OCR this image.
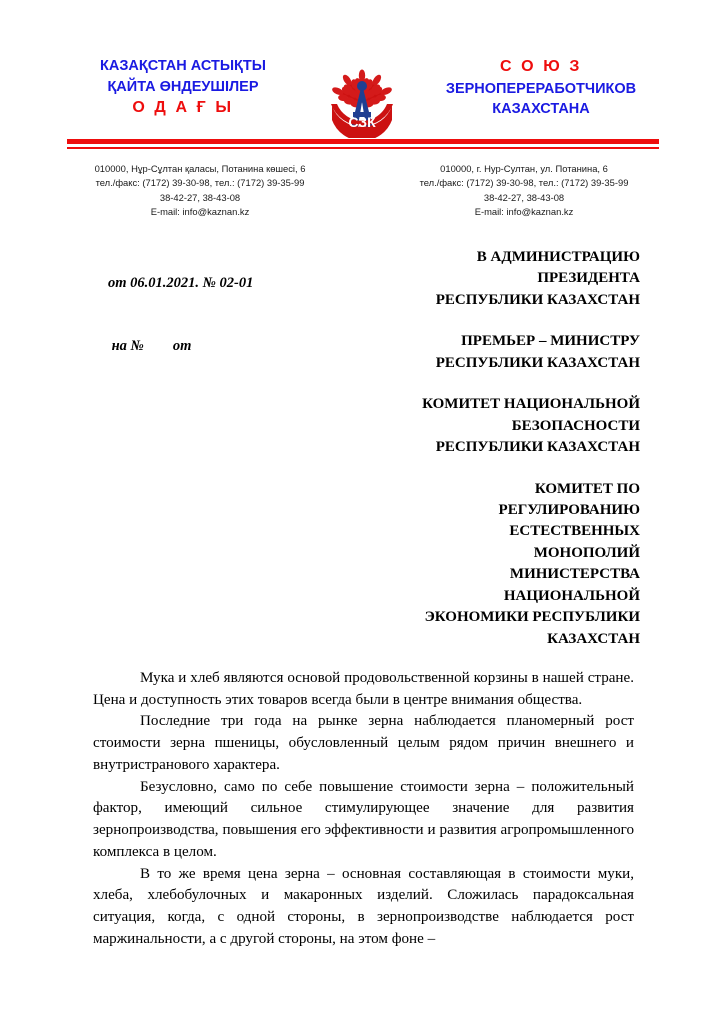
КАЗАҚСТАН АСТЫҚТЫ
ҚАЙТА ӨНДЕУШІЛЕР
О Д А Ғ Ы
СЗК
С О Ю З
ЗЕРНОПЕРЕРАБОТЧИКОВ
КАЗАХСТАНА
010000, Нұр-Сұлтан қаласы, Потанина көшесі, 6
тел./факс: (7172) 39-30-98, тел.: (7172) 39-35-99
38-42-27, 38-43-08
E-mail: info@kaznan.kz
010000, г. Нур-Султан, ул. Потанина, 6
тел./факс: (7172) 39-30-98, тел.: (7172) 39-35-99
38-42-27, 38-43-08
E-mail: info@kaznan.kz

от 06.01.2021. № 02-01

на №        от

В АДМИНИСТРАЦИЮ
ПРЕЗИДЕНТА
РЕСПУБЛИКИ КАЗАХСТАН
ПРЕМЬЕР – МИНИСТРУ
РЕСПУБЛИКИ КАЗАХСТАН
КОМИТЕТ НАЦИОНАЛЬНОЙ
БЕЗОПАСНОСТИ
РЕСПУБЛИКИ КАЗАХСТАН
КОМИТЕТ ПО
РЕГУЛИРОВАНИЮ
ЕСТЕСТВЕННЫХ
МОНОПОЛИЙ
МИНИСТЕРСТВА
НАЦИОНАЛЬНОЙ
ЭКОНОМИКИ РЕСПУБЛИКИ
КАЗАХСТАН

Мука и хлеб являются основой продовольственной корзины в нашей стране. Цена и доступность этих товаров всегда были в центре внимания общества.

Последние три года на рынке зерна наблюдается планомерный рост стоимости зерна пшеницы, обусловленный целым рядом причин внешнего и внутристранового характера.

Безусловно, само по себе повышение стоимости зерна – положительный фактор, имеющий сильное стимулирующее значение для развития зернопроизводства, повышения его эффективности и развития агропромышленного комплекса в целом.

В то же время цена зерна – основная составляющая в стоимости муки, хлеба, хлебобулочных и макаронных изделий. Сложилась парадоксальная ситуация, когда, с одной стороны, в зернопроизводстве наблюдается рост маржинальности, а с другой стороны, на этом фоне –
